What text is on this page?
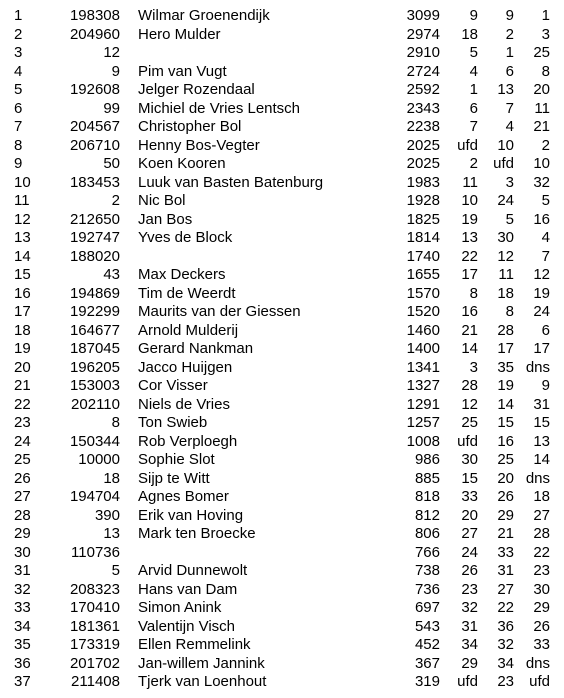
1	198308 Wilmar Groenendijk	3099	9	9	1
2	204960 Hero Mulder	2974	18	2	3
3	12	2910	5	1	25
4	9 Pim van Vugt	2724	4	6	8
5	192608 Jelger Rozendaal	2592	1	13	20
6	99 Michiel de Vries Lentsch	2343	6	7	11
7	204567 Christopher Bol	2238	7	4	21
8	206710 Henny Bos-Vegter	2025	ufd	10	2
9	50 Koen Kooren	2025	2	ufd	10
10	183453 Luuk van Basten Batenburg	1983	11	3	32
11	2 Nic Bol	1928	10	24	5
12	212650 Jan Bos	1825	19	5	16
13	192747 Yves de Block	1814	13	30	4
14	188020	1740	22	12	7
15	43 Max Deckers	1655	17	11	12
16	194869 Tim de Weerdt	1570	8	18	19
17	192299 Maurits van der Giessen	1520	16	8	24
18	164677 Arnold Mulderij	1460	21	28	6
19	187045 Gerard Nankman	1400	14	17	17
20	196205 Jacco Huijgen	1341	3	35 dns
21	153003 Cor Visser	1327	28	19	9
22	202110 Niels de Vries	1291	12	14	31
23	8 Ton Swieb	1257	25	15	15
24	150344 Rob Verploegh	1008	ufd	16	13
25	10000 Sophie Slot	986	30	25	14
26	18 Sijp te Witt	885	15	20 dns
27	194704 Agnes Bomer	818	33	26	18
28	390 Erik van Hoving	812	20	29	27
29	13 Mark ten Broecke	806	27	21	28
30	110736	766	24	33	22
31	5 Arvid Dunnewolt	738	26	31	23
32	208323 Hans van Dam	736	23	27	30
33	170410 Simon Anink	697	32	22	29
34	181361 Valentijn Visch	543	31	36	26
35	173319 Ellen Remmelink	452	34	32	33
36	201702 Jan-willem Jannink	367	29	34 dns
37	211408 Tjerk van Loenhout	319	ufd	23	ufd
